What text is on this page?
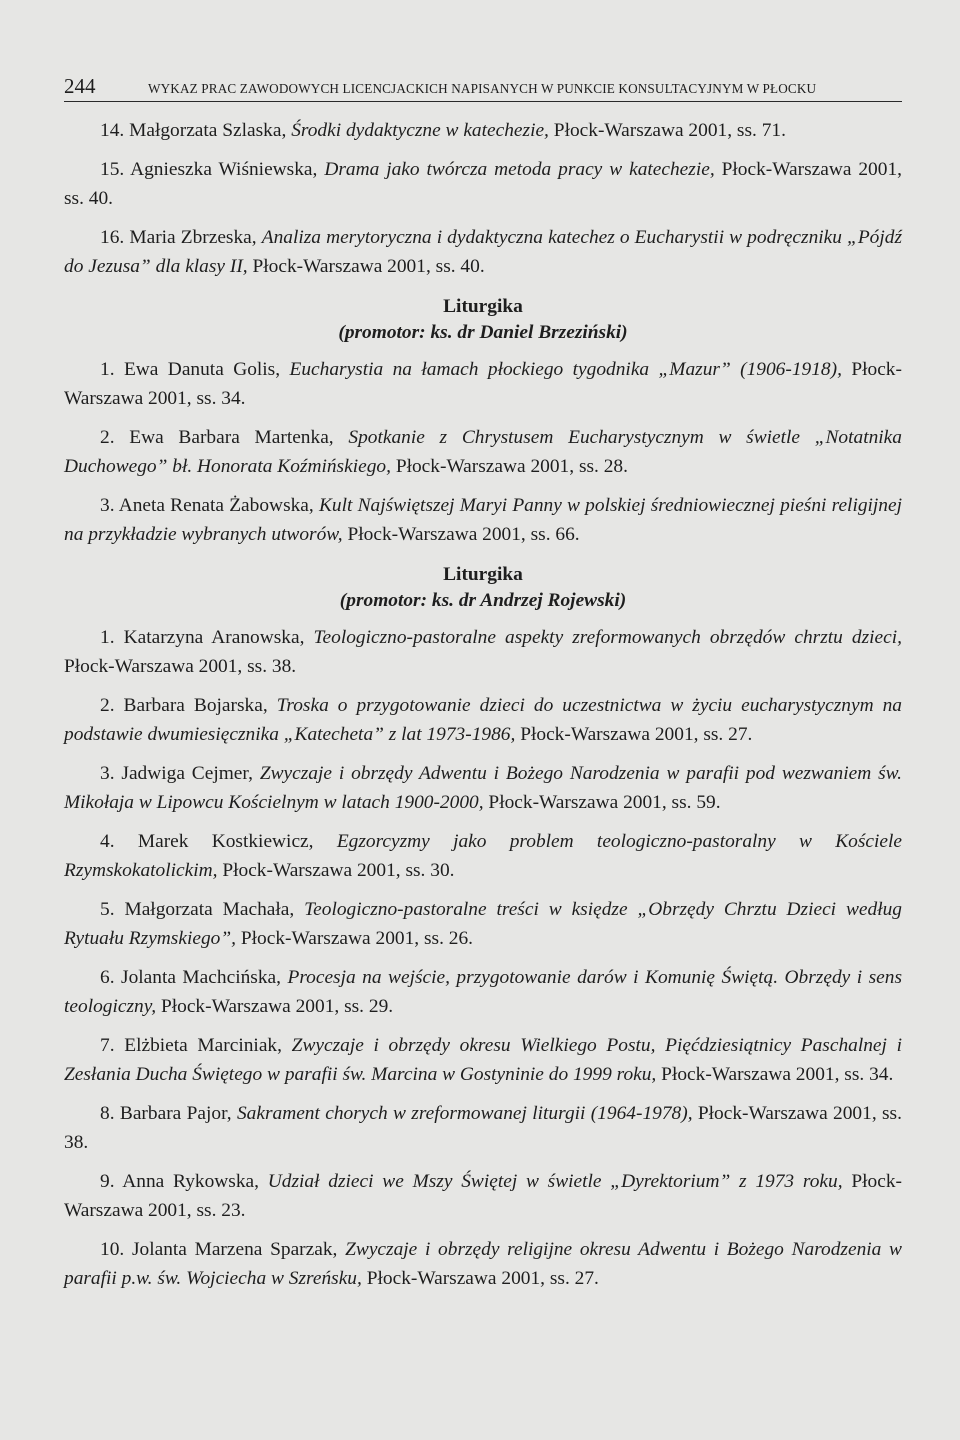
244	WYKAZ PRAC ZAWODOWYCH LICENCJACKICH NAPISANYCH W PUNKCIE KONSULTACYJNYM W PŁOCKU

14. Małgorzata Szlaska, Środki dydaktyczne w katechezie, Płock-Warszawa 2001, ss. 71.

15. Agnieszka Wiśniewska, Drama jako twórcza metoda pracy w katechezie, Płock-Warszawa 2001, ss. 40.

16. Maria Zbrzeska, Analiza merytoryczna i dydaktyczna katechez o Eucharystii w podręczniku „Pójdź do Jezusa” dla klasy II, Płock-Warszawa 2001, ss. 40.

Liturgika
(promotor: ks. dr Daniel Brzeziński)

1. Ewa Danuta Golis, Eucharystia na łamach płockiego tygodnika „Mazur” (1906-1918), Płock-Warszawa 2001, ss. 34.

2. Ewa Barbara Martenka, Spotkanie z Chrystusem Eucharystycznym w świetle „Notatnika Duchowego” bł. Honorata Koźmińskiego, Płock-Warszawa 2001, ss. 28.

3. Aneta Renata Żabowska, Kult Najświętszej Maryi Panny w polskiej średniowiecznej pieśni religijnej na przykładzie wybranych utworów, Płock-Warszawa 2001, ss. 66.

Liturgika
(promotor: ks. dr Andrzej Rojewski)

1. Katarzyna Aranowska, Teologiczno-pastoralne aspekty zreformowanych obrzędów chrztu dzieci, Płock-Warszawa 2001, ss. 38.

2. Barbara Bojarska, Troska o przygotowanie dzieci do uczestnictwa w życiu eucharystycznym na podstawie dwumiesięcznika „Katecheta” z lat 1973-1986, Płock-Warszawa 2001, ss. 27.

3. Jadwiga Cejmer, Zwyczaje i obrzędy Adwentu i Bożego Narodzenia w parafii pod wezwaniem św. Mikołaja w Lipowcu Kościelnym w latach 1900-2000, Płock-Warszawa 2001, ss. 59.

4. Marek Kostkiewicz, Egzorcyzmy jako problem teologiczno-pastoralny w Kościele Rzymskokatolickim, Płock-Warszawa 2001, ss. 30.

5. Małgorzata Machała, Teologiczno-pastoralne treści w księdze „Obrzędy Chrztu Dzieci według Rytuału Rzymskiego”, Płock-Warszawa 2001, ss. 26.

6. Jolanta Machcińska, Procesja na wejście, przygotowanie darów i Komunię Świętą. Obrzędy i sens teologiczny, Płock-Warszawa 2001, ss. 29.

7. Elżbieta Marciniak, Zwyczaje i obrzędy okresu Wielkiego Postu, Pięćdziesiątnicy Paschalnej i Zesłania Ducha Świętego w parafii św. Marcina w Gostyninie do 1999 roku, Płock-Warszawa 2001, ss. 34.

8. Barbara Pajor, Sakrament chorych w zreformowanej liturgii (1964-1978), Płock-Warszawa 2001, ss. 38.

9. Anna Rykowska, Udział dzieci we Mszy Świętej w świetle „Dyrektorium” z 1973 roku, Płock-Warszawa 2001, ss. 23.

10. Jolanta Marzena Sparzak, Zwyczaje i obrzędy religijne okresu Adwentu i Bożego Narodzenia w parafii p.w. św. Wojciecha w Szreńsku, Płock-Warszawa 2001, ss. 27.
